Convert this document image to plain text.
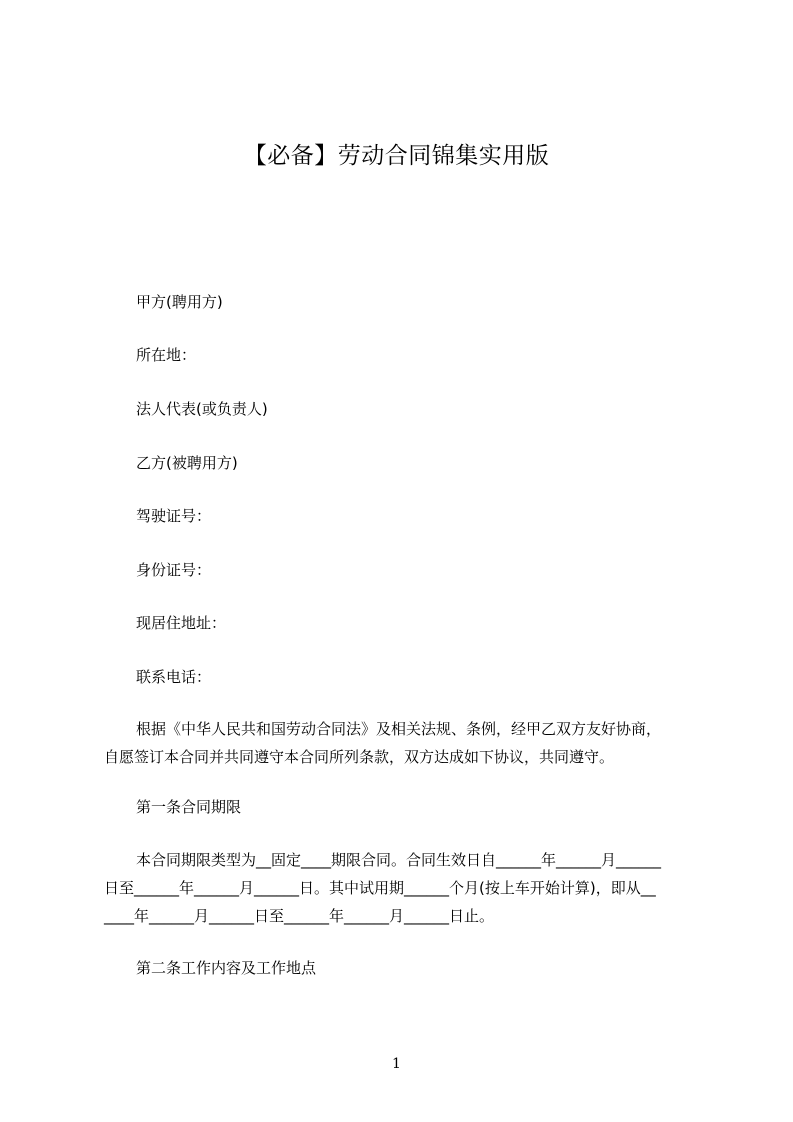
【必备】劳动合同锦集实用版
甲方(聘用方)
所在地：
法人代表(或负责人)
乙方(被聘用方)
驾驶证号：
身份证号：
现居住地址：
联系电话：
根据《中华人民共和国劳动合同法》及相关法规、条例，经甲乙双方友好协商，
自愿签订本合同并共同遵守本合同所列条款，双方达成如下协议，共同遵守。
第一条合同期限
本合同期限类型为__固定____期限合同。合同生效日自______年______月______
日至______年______月______日。其中试用期______个月(按上车开始计算)，即从__
____年______月______日至______年______月______日止。
第二条工作内容及工作地点
1
